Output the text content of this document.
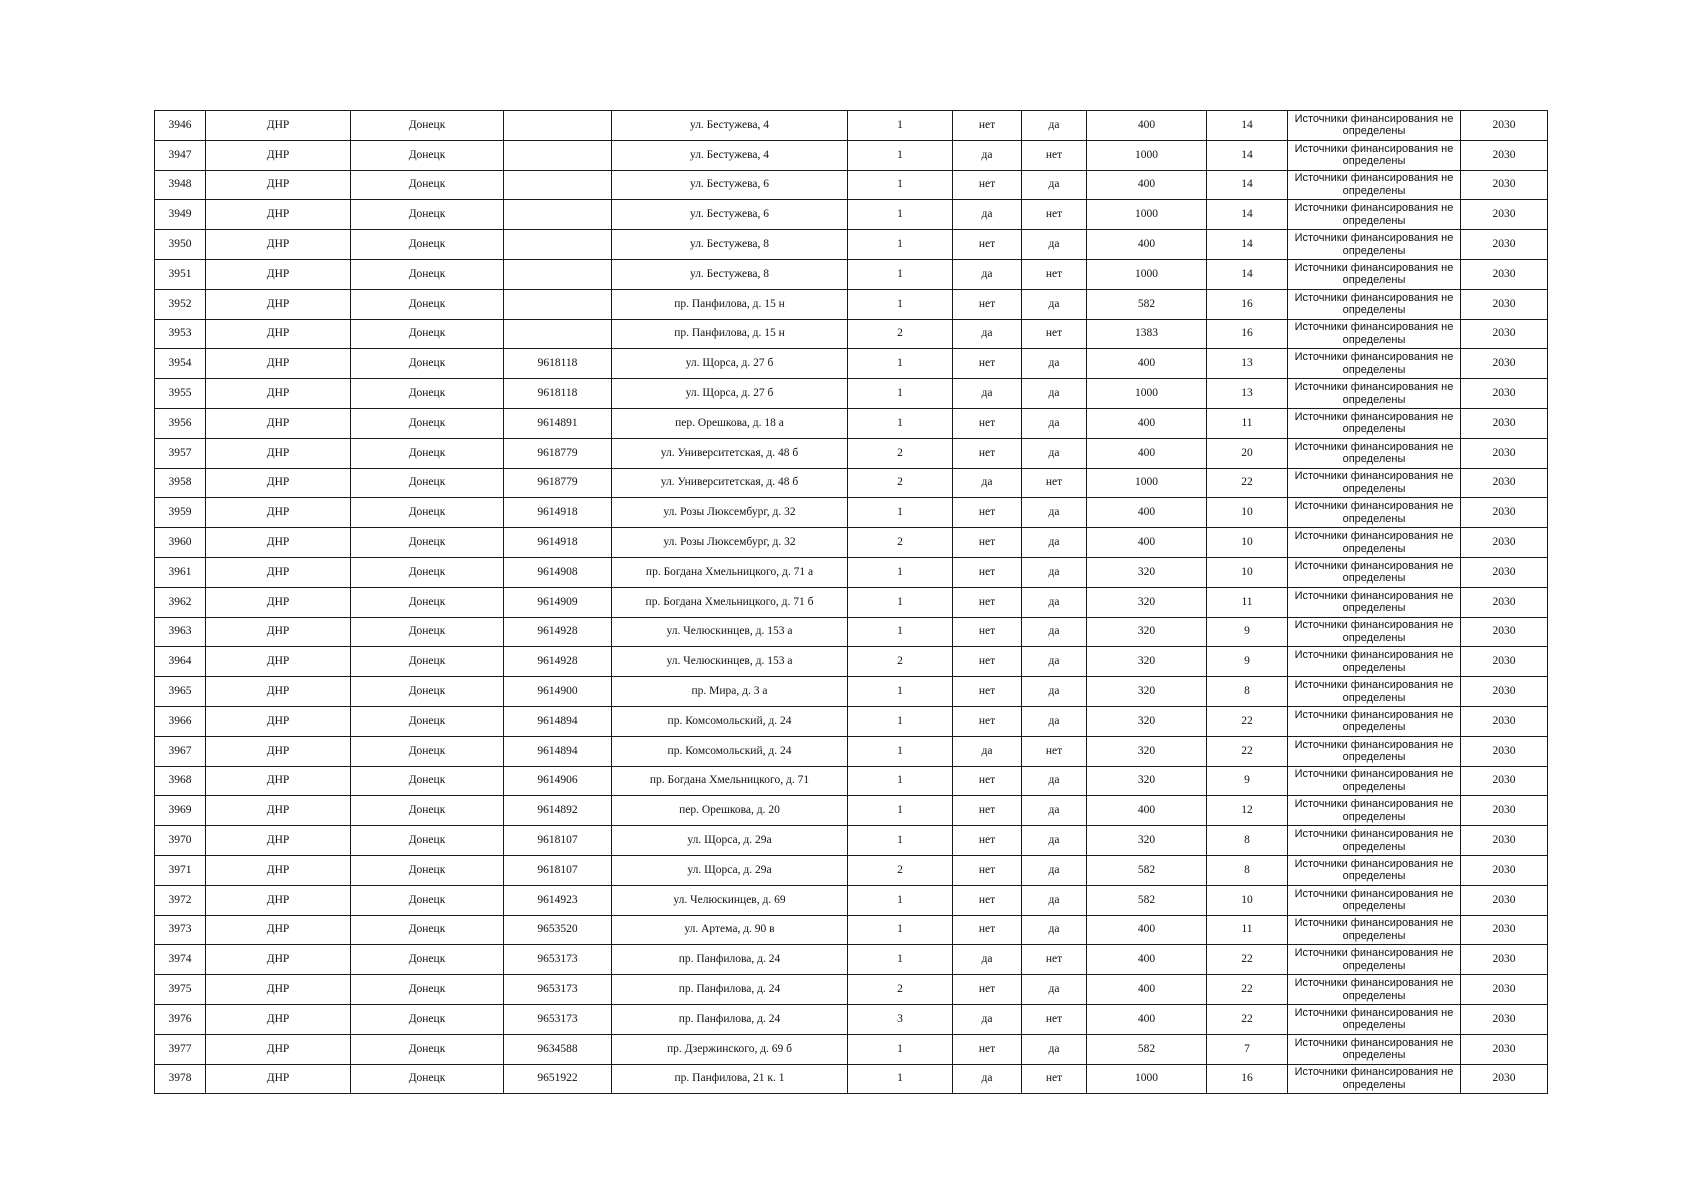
3946	ДНР	Донецк		ул. Бестужева, 4	1	нет	да	400	14	Источники финансирования не определены	2030
3947	ДНР	Донецк		ул. Бестужева, 4	1	да	нет	1000	14	Источники финансирования не определены	2030
3948	ДНР	Донецк		ул. Бестужева, 6	1	нет	да	400	14	Источники финансирования не определены	2030
3949	ДНР	Донецк		ул. Бестужева, 6	1	да	нет	1000	14	Источники финансирования не определены	2030
3950	ДНР	Донецк		ул. Бестужева, 8	1	нет	да	400	14	Источники финансирования не определены	2030
3951	ДНР	Донецк		ул. Бестужева, 8	1	да	нет	1000	14	Источники финансирования не определены	2030
3952	ДНР	Донецк		пр. Панфилова, д. 15 н	1	нет	да	582	16	Источники финансирования не определены	2030
3953	ДНР	Донецк		пр. Панфилова, д. 15 н	2	да	нет	1383	16	Источники финансирования не определены	2030
3954	ДНР	Донецк	9618118	ул. Щорса, д. 27 б	1	нет	да	400	13	Источники финансирования не определены	2030
3955	ДНР	Донецк	9618118	ул. Щорса, д. 27 б	1	да	да	1000	13	Источники финансирования не определены	2030
3956	ДНР	Донецк	9614891	пер. Орешкова, д. 18 а	1	нет	да	400	11	Источники финансирования не определены	2030
3957	ДНР	Донецк	9618779	ул. Университетская, д. 48 б	2	нет	да	400	20	Источники финансирования не определены	2030
3958	ДНР	Донецк	9618779	ул. Университетская, д. 48 б	2	да	нет	1000	22	Источники финансирования не определены	2030
3959	ДНР	Донецк	9614918	ул. Розы Люксембург, д. 32	1	нет	да	400	10	Источники финансирования не определены	2030
3960	ДНР	Донецк	9614918	ул. Розы Люксембург, д. 32	2	нет	да	400	10	Источники финансирования не определены	2030
3961	ДНР	Донецк	9614908	пр. Богдана Хмельницкого, д. 71 а	1	нет	да	320	10	Источники финансирования не определены	2030
3962	ДНР	Донецк	9614909	пр. Богдана Хмельницкого, д. 71 б	1	нет	да	320	11	Источники финансирования не определены	2030
3963	ДНР	Донецк	9614928	ул. Челюскинцев, д. 153 а	1	нет	да	320	9	Источники финансирования не определены	2030
3964	ДНР	Донецк	9614928	ул. Челюскинцев, д. 153 а	2	нет	да	320	9	Источники финансирования не определены	2030
3965	ДНР	Донецк	9614900	пр. Мира, д. 3 а	1	нет	да	320	8	Источники финансирования не определены	2030
3966	ДНР	Донецк	9614894	пр. Комсомольский, д. 24	1	нет	да	320	22	Источники финансирования не определены	2030
3967	ДНР	Донецк	9614894	пр. Комсомольский, д. 24	1	да	нет	320	22	Источники финансирования не определены	2030
3968	ДНР	Донецк	9614906	пр. Богдана Хмельницкого, д. 71	1	нет	да	320	9	Источники финансирования не определены	2030
3969	ДНР	Донецк	9614892	пер. Орешкова, д. 20	1	нет	да	400	12	Источники финансирования не определены	2030
3970	ДНР	Донецк	9618107	ул. Щорса, д. 29а	1	нет	да	320	8	Источники финансирования не определены	2030
3971	ДНР	Донецк	9618107	ул. Щорса, д. 29а	2	нет	да	582	8	Источники финансирования не определены	2030
3972	ДНР	Донецк	9614923	ул. Челюскинцев, д. 69	1	нет	да	582	10	Источники финансирования не определены	2030
3973	ДНР	Донецк	9653520	ул. Артема, д. 90 в	1	нет	да	400	11	Источники финансирования не определены	2030
3974	ДНР	Донецк	9653173	пр. Панфилова, д. 24	1	да	нет	400	22	Источники финансирования не определены	2030
3975	ДНР	Донецк	9653173	пр. Панфилова, д. 24	2	нет	да	400	22	Источники финансирования не определены	2030
3976	ДНР	Донецк	9653173	пр. Панфилова, д. 24	3	да	нет	400	22	Источники финансирования не определены	2030
3977	ДНР	Донецк	9634588	пр. Дзержинского, д. 69 б	1	нет	да	582	7	Источники финансирования не определены	2030
3978	ДНР	Донецк	9651922	пр. Панфилова, 21 к. 1	1	да	нет	1000	16	Источники финансирования не определены	2030
